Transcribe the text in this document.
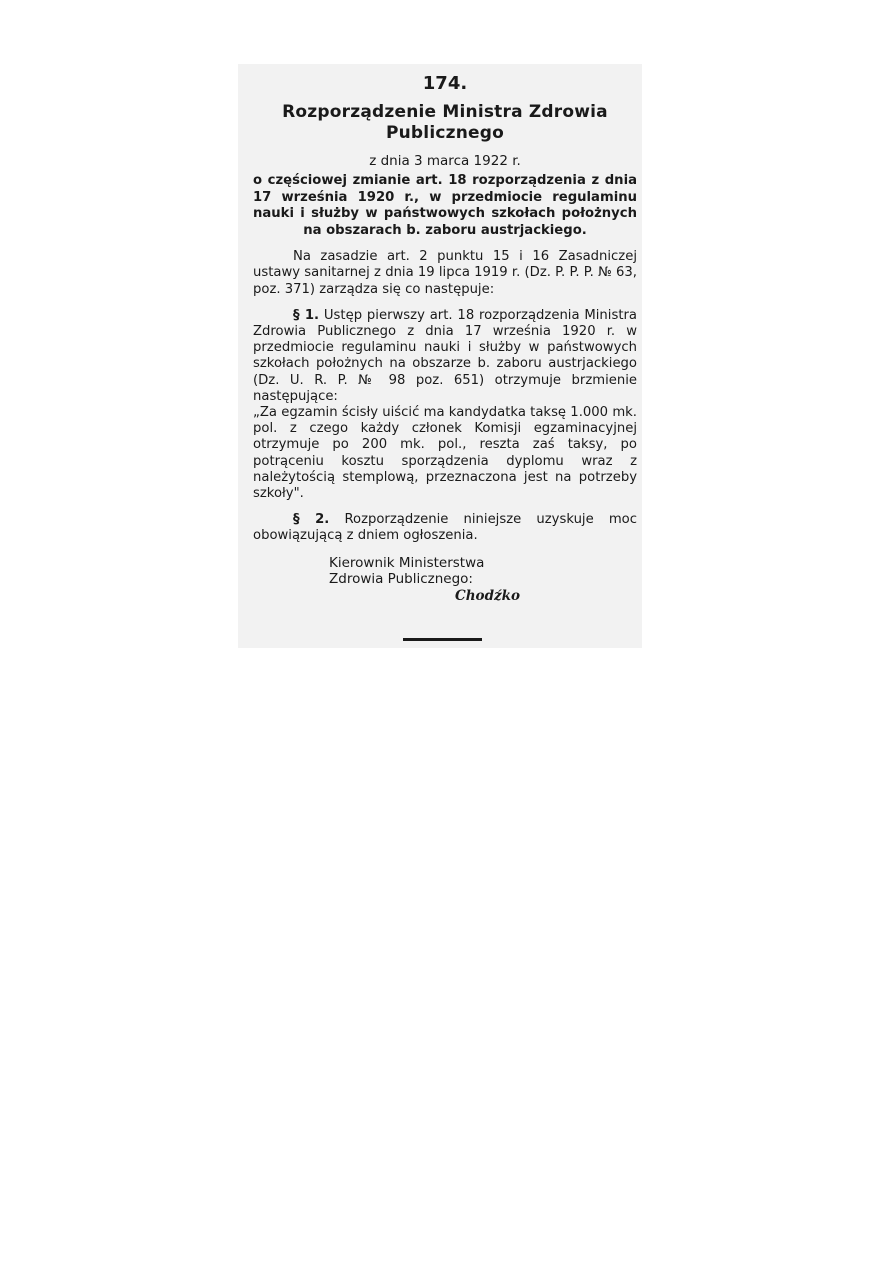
174.
Rozporządzenie Ministra Zdrowia Publicznego
z dnia 3 marca 1922 r.
o częściowej zmianie art. 18 rozporządzenia z dnia 17 września 1920 r., w przedmiocie regulaminu nauki i służby w państwowych szkołach położnych na obszarach b. zaboru austrjackiego.

Na zasadzie art. 2 punktu 15 i 16 Zasadniczej ustawy sanitarnej z dnia 19 lipca 1919 r. (Dz. P. P. P. № 63, poz. 371) zarządza się co następuje:

§ 1. Ustęp pierwszy art. 18 rozporządzenia Ministra Zdrowia Publicznego z dnia 17 września 1920 r. w przedmiocie regulaminu nauki i służby w państwowych szkołach położnych na obszarze b. zaboru austrjackiego (Dz. U. R. P. № 98 poz. 651) otrzymuje brzmienie następujące:

„Za egzamin ścisły uiścić ma kandydatka taksę 1.000 mk. pol. z czego każdy członek Komisji egzaminacyjnej otrzymuje po 200 mk. pol., reszta zaś taksy, po potrąceniu kosztu sporządzenia dyplomu wraz z należytością stemplową, przeznaczona jest na potrzeby szkoły".

§ 2. Rozporządzenie niniejsze uzyskuje moc obowiązującą z dniem ogłoszenia.

Kierownik Ministerstwa
Zdrowia Publicznego:
Chodźko
